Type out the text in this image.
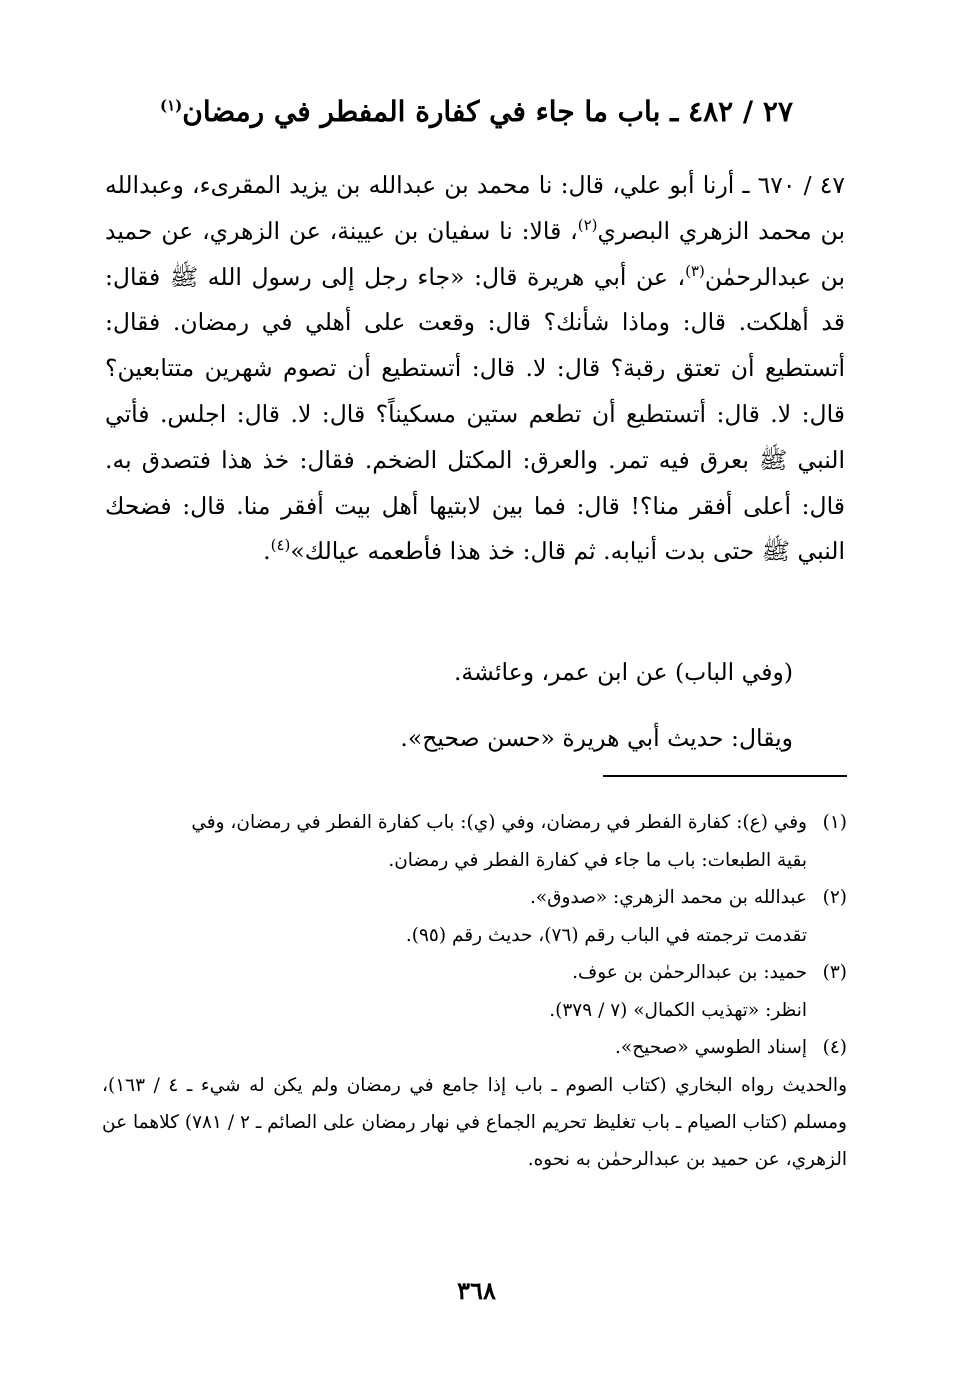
٢٧ / ٤٨٢ ـ باب ما جاء في كفارة المفطر في رمضان$^{(١)}$
٤٧ / ٦٧٠ ـ أرنا أبو علي، قال: نا محمد بن عبدالله بن يزيد المقرىء، وعبدالله بن محمد الزهري البصري$^{(٢)}$، قالا: نا سفيان بن عيينة، عن الزهري، عن حميد بن عبدالرحمٰن$^{(٣)}$، عن أبي هريرة قال: «جاء رجل إلى رسول الله ﷺ فقال: قد أهلكت. قال: وماذا شأنك؟ قال: وقعت على أهلي في رمضان. فقال: أتستطيع أن تعتق رقبة؟ قال: لا. قال: أتستطيع أن تصوم شهرين متتابعين؟ قال: لا. قال: أتستطيع أن تطعم ستين مسكيناً؟ قال: لا. قال: اجلس. فأتي النبي ﷺ بعرق فيه تمر. والعرق: المكتل الضخم. فقال: خذ هذا فتصدق به. قال: أعلى أفقر منا؟! قال: فما بين لابتيها أهل بيت أفقر منا. قال: فضحك النبي ﷺ حتى بدت أنيابه. ثم قال: خذ هذا فأطعمه عيالك»$^{(٤)}$.
(وفي الباب) عن ابن عمر، وعائشة.
ويقال: حديث أبي هريرة «حسن صحيح».
(١)وفي (ع): كفارة الفطر في رمضان، وفي (ي): باب كفارة الفطر في رمضان، وفي
بقية الطبعات: باب ما جاء في كفارة الفطر في رمضان.
(٢)عبدالله بن محمد الزهري: «صدوق».
تقدمت ترجمته في الباب رقم (٧٦)، حديث رقم (٩٥).
(٣)حميد: بن عبدالرحمٰن بن عوف.
انظر: «تهذيب الكمال» (٧ / ٣٧٩).
(٤)إسناد الطوسي «صحيح».
والحديث رواه البخاري (كتاب الصوم ـ باب إذا جامع في رمضان ولم يكن له شيء ـ ٤ / ١٦٣)، ومسلم (كتاب الصيام ـ باب تغليظ تحريم الجماع في نهار رمضان على الصائم ـ ٢ / ٧٨١) كلاهما عن الزهري، عن حميد بن عبدالرحمٰن به نحوه.
٣٦٨
